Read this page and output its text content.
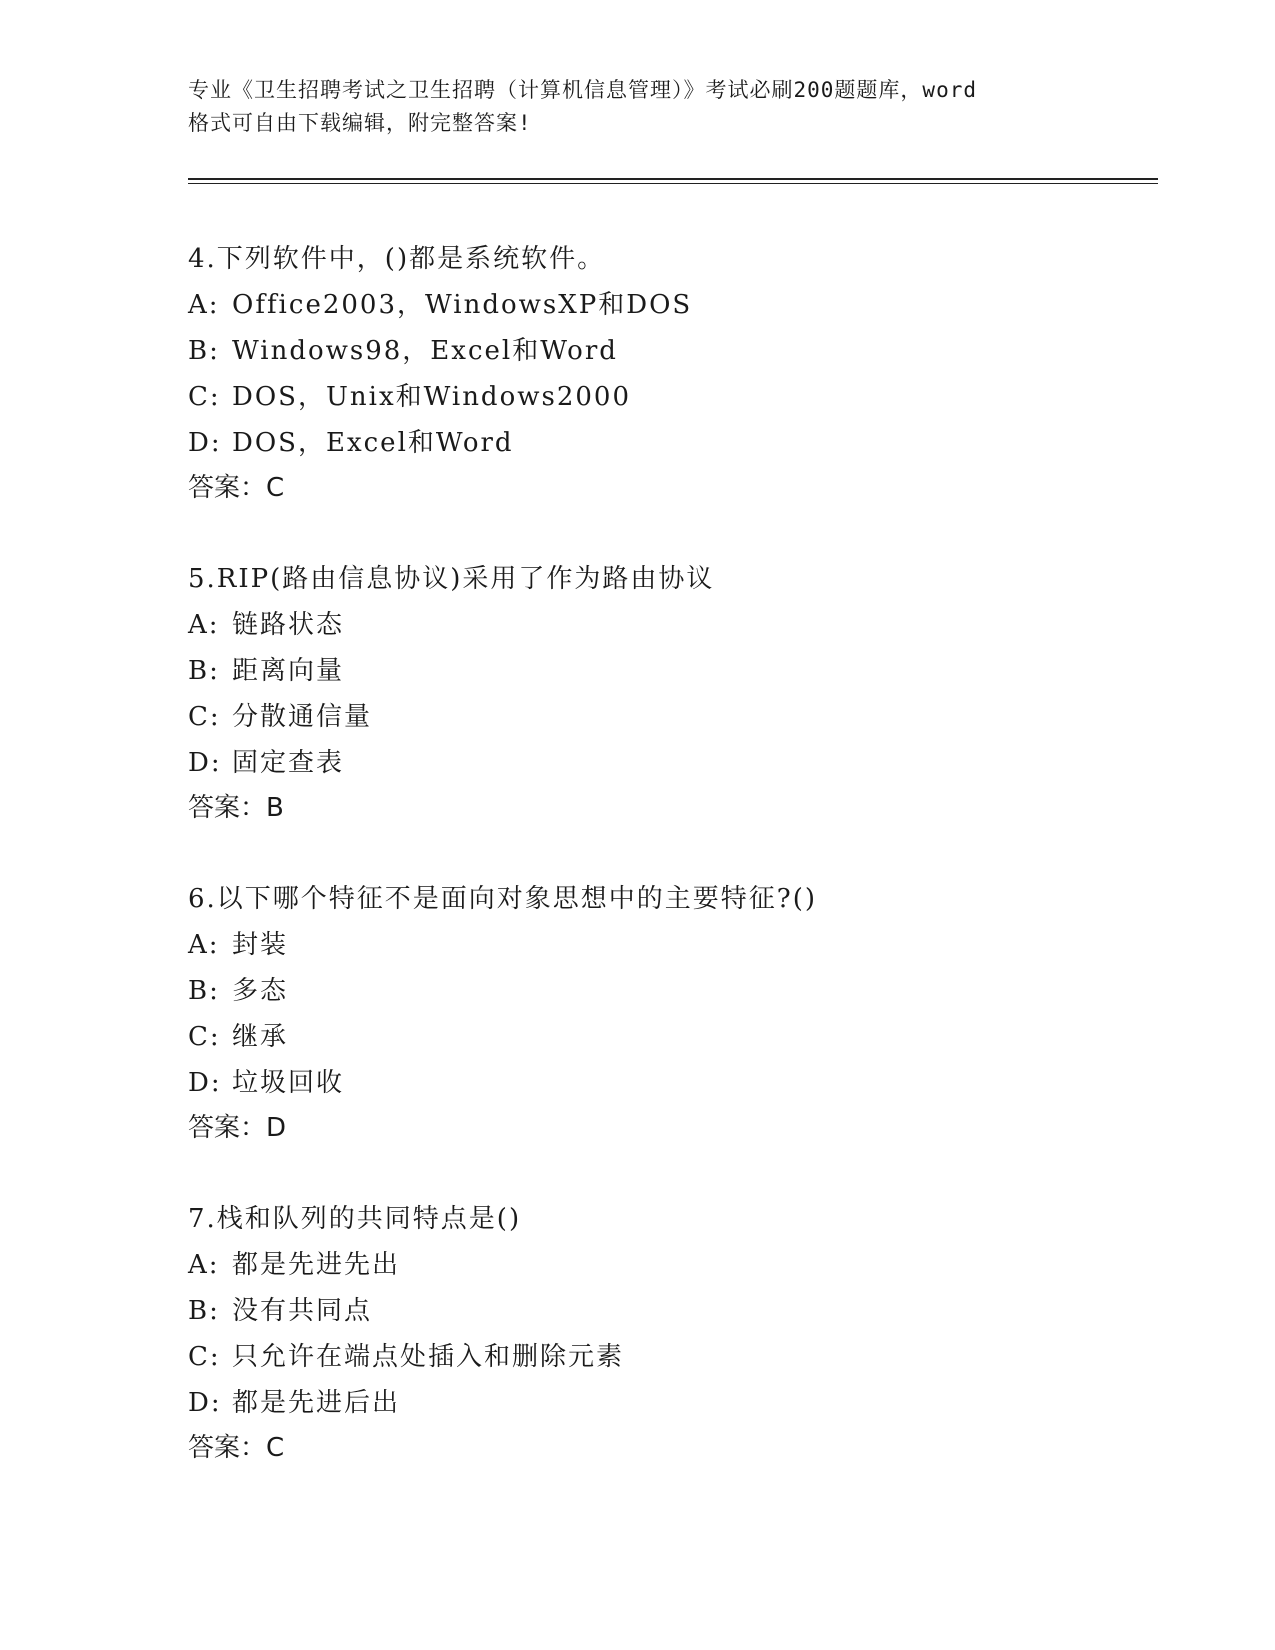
专业《卫生招聘考试之卫生招聘（计算机信息管理）》考试必刷200题题库，word
格式可自由下载编辑，附完整答案!
4.下列软件中，()都是系统软件。
A: Office2003，WindowsXP和DOS
B: Windows98，Excel和Word
C: DOS，Unix和Windows2000
D: DOS，Excel和Word
答案：C
5.RIP(路由信息协议)采用了作为路由协议
A: 链路状态
B: 距离向量
C: 分散通信量
D: 固定查表
答案：B
6.以下哪个特征不是面向对象思想中的主要特征?()
A: 封装
B: 多态
C: 继承
D: 垃圾回收
答案：D
7.栈和队列的共同特点是()
A: 都是先进先出
B: 没有共同点
C: 只允许在端点处插入和删除元素
D: 都是先进后出
答案：C
